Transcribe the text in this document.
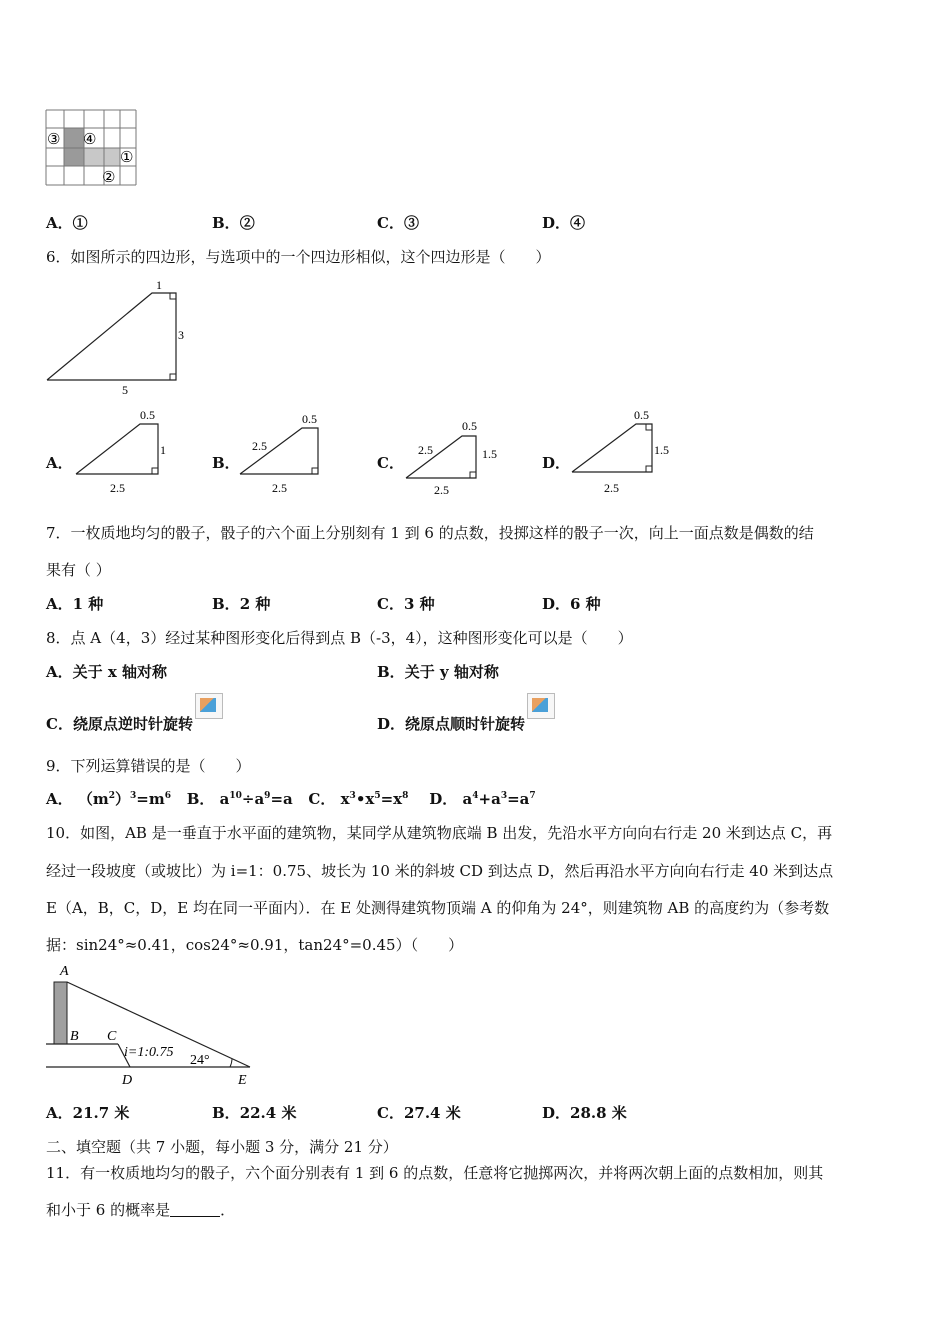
③ ④
①
②
A．①	B．②	C．③	D．④
6．如图所示的四边形，与选项中的一个四边形相似，这个四边形是（　　）
1
3
5
A．
0.5
1
2.5
B．
0.5
2.5
2.5
C．
0.5
2.5	1.5
2.5
D．
0.5
1.5
2.5
7．一枚质地均匀的骰子，骰子的六个面上分别刻有 1 到 6 的点数，投掷这样的骰子一次，向上一面点数是偶数的结
果有（ ）
A．1 种	B．2 种	C．3 种	D．6 种
8．点 A（4，3）经过某种图形变化后得到点 B（-3，4），这种图形变化可以是（　　）
A．关于 x 轴对称	B．关于 y 轴对称
C．绕原点逆时针旋转	D．绕原点顺时针旋转
9．下列运算错误的是（　　）
A． $(m^2)^3=m^6$ B． $a^{10}\div a^9=a$ C． $x^3•x^5=x^8$ D． $a^4+a^3=a^7$
10．如图，AB 是一垂直于水平面的建筑物，某同学从建筑物底端 B 出发，先沿水平方向向右行走 20 米到达点 C，再
经过一段坡度（或坡比）为 i=1：0.75、坡长为 10 米的斜坡 CD 到达点 D，然后再沿水平方向向右行走 40 米到达点
E（A，B，C，D，E 均在同一平面内）．在 E 处测得建筑物顶端 A 的仰角为 24°，则建筑物 AB 的高度约为（参考数
据：sin24°≈0.41，cos24°≈0.91，tan24°=0.45）（　　）
A
B C
D	E
i=1:0.75
24°
A．21.7 米	B．22.4 米	C．27.4 米	D．28.8 米
二、填空题（共 7 小题，每小题 3 分，满分 21 分）
11．有一枚质地均匀的骰子，六个面分别表有 1 到 6 的点数，任意将它抛掷两次，并将两次朝上面的点数相加，则其
和小于 6 的概率是	．
